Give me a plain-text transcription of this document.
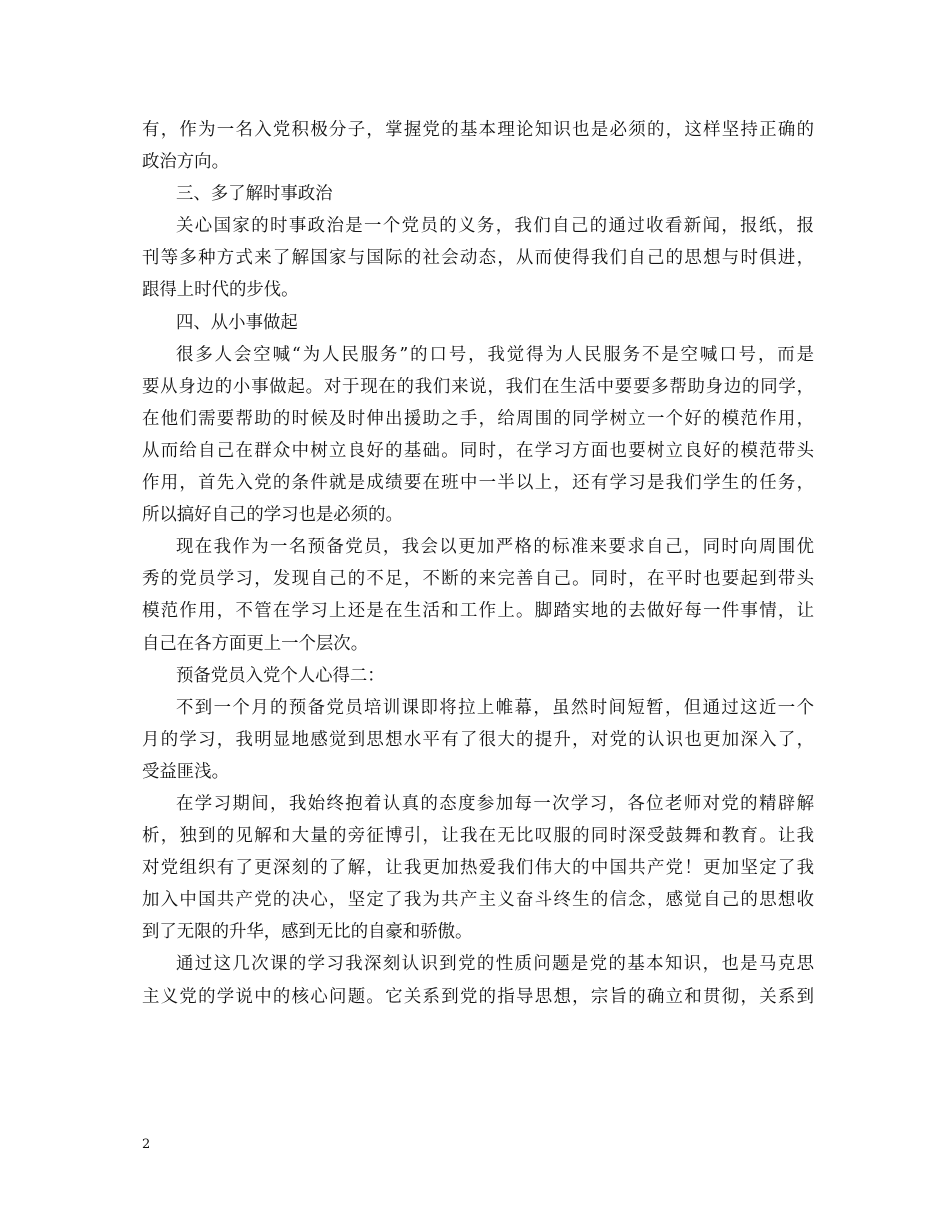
有，作为一名入党积极分子，掌握党的基本理论知识也是必须的，这样坚持正确的
政治方向。
三、多了解时事政治
关心国家的时事政治是一个党员的义务，我们自己的通过收看新闻，报纸，报
刊等多种方式来了解国家与国际的社会动态，从而使得我们自己的思想与时俱进，
跟得上时代的步伐。
四、从小事做起
很多人会空喊“为人民服务”的口号，我觉得为人民服务不是空喊口号，而是
要从身边的小事做起。对于现在的我们来说，我们在生活中要要多帮助身边的同学，
在他们需要帮助的时候及时伸出援助之手，给周围的同学树立一个好的模范作用，
从而给自己在群众中树立良好的基础。同时，在学习方面也要树立良好的模范带头
作用，首先入党的条件就是成绩要在班中一半以上，还有学习是我们学生的任务，
所以搞好自己的学习也是必须的。
现在我作为一名预备党员，我会以更加严格的标准来要求自己，同时向周围优
秀的党员学习，发现自己的不足，不断的来完善自己。同时，在平时也要起到带头
模范作用，不管在学习上还是在生活和工作上。脚踏实地的去做好每一件事情，让
自己在各方面更上一个层次。
预备党员入党个人心得二：
不到一个月的预备党员培训课即将拉上帷幕，虽然时间短暂，但通过这近一个
月的学习，我明显地感觉到思想水平有了很大的提升，对党的认识也更加深入了，
受益匪浅。
在学习期间，我始终抱着认真的态度参加每一次学习，各位老师对党的精辟解
析，独到的见解和大量的旁征博引，让我在无比叹服的同时深受鼓舞和教育。让我
对党组织有了更深刻的了解，让我更加热爱我们伟大的中国共产党！更加坚定了我
加入中国共产党的决心，坚定了我为共产主义奋斗终生的信念，感觉自己的思想收
到了无限的升华，感到无比的自豪和骄傲。
通过这几次课的学习我深刻认识到党的性质问题是党的基本知识，也是马克思
主义党的学说中的核心问题。它关系到党的指导思想，宗旨的确立和贯彻，关系到
2
